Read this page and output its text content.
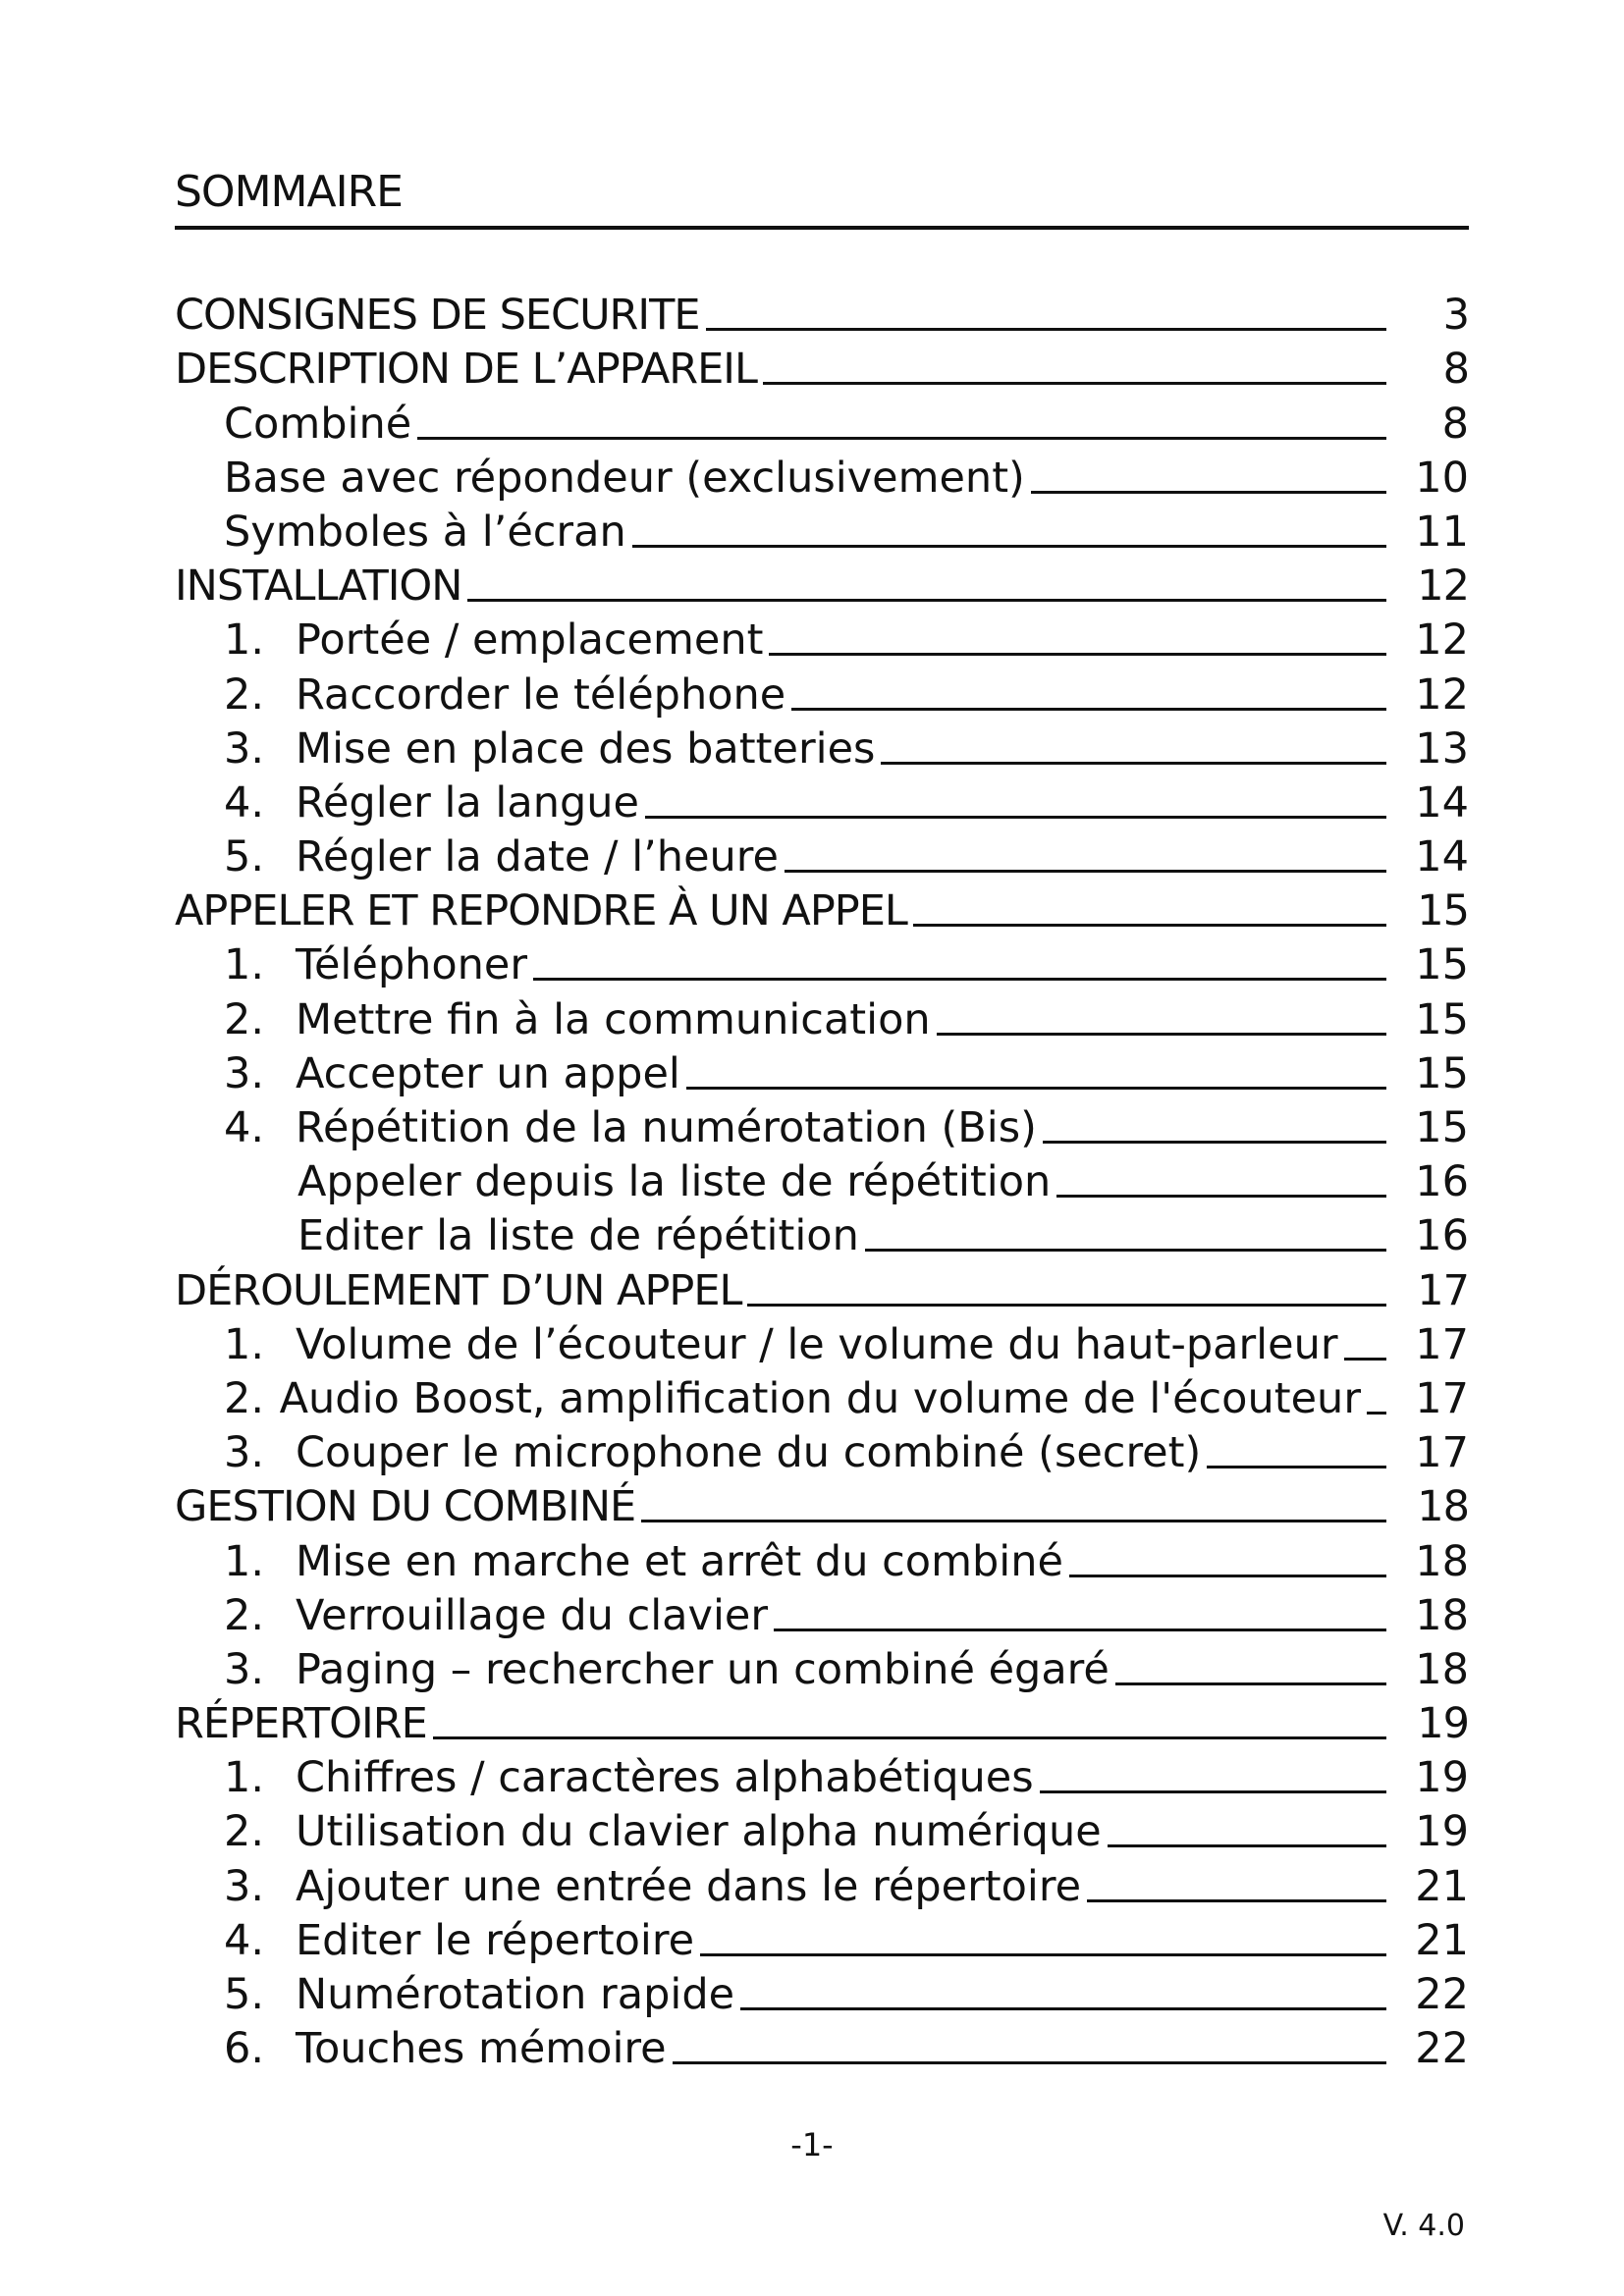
SOMMAIRE
CONSIGNES DE SECURITE	3
DESCRIPTION DE L’APPAREIL	8
Combiné	8
Base avec répondeur (exclusivement)	10
Symboles à l’écran	11
INSTALLATION	12
1. Portée / emplacement	12
2. Raccorder le téléphone	12
3. Mise en place des batteries	13
4. Régler la langue	14
5. Régler la date / l’heure	14
APPELER ET REPONDRE À UN APPEL	15
1. Téléphoner	15
2. Mettre fin à la communication	15
3. Accepter un appel	15
4. Répétition de la numérotation (Bis)	15
Appeler depuis la liste de répétition	16
Editer la liste de répétition	16
DÉROULEMENT D’UN APPEL	17
1. Volume de l’écouteur / le volume du haut-parleur	17
2. Audio Boost, amplification du volume de l'écouteur	17
3. Couper le microphone du combiné (secret)	17
GESTION DU COMBINÉ	18
1. Mise en marche et arrêt du combiné	18
2. Verrouillage du clavier	18
3. Paging – rechercher un combiné égaré	18
RÉPERTOIRE	19
1. Chiffres / caractères alphabétiques	19
2. Utilisation du clavier alpha numérique	19
3. Ajouter une entrée dans le répertoire	21
4. Editer le répertoire	21
5. Numérotation rapide	22
6. Touches mémoire	22
-1-
V. 4.0
